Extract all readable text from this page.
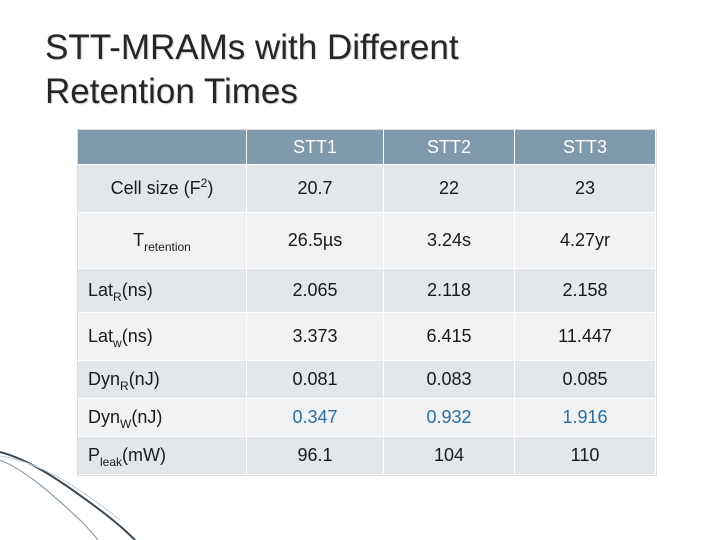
STT-MRAMs with Different
Retention Times
	STT1	STT2	STT3
Cell size $(F^2)$	20.7	22	23
$T_{retention}$	26.5µs	3.24s	4.27yr
Lat$_R$(ns)	2.065	2.118	2.158
Lat$_w$(ns)	3.373	6.415	11.447
Dyn$_R$(nJ)	0.081	0.083	0.085
Dyn$_W$(nJ)	0.347	0.932	1.916
$P_{leak}(mW)$	96.1	104	110
